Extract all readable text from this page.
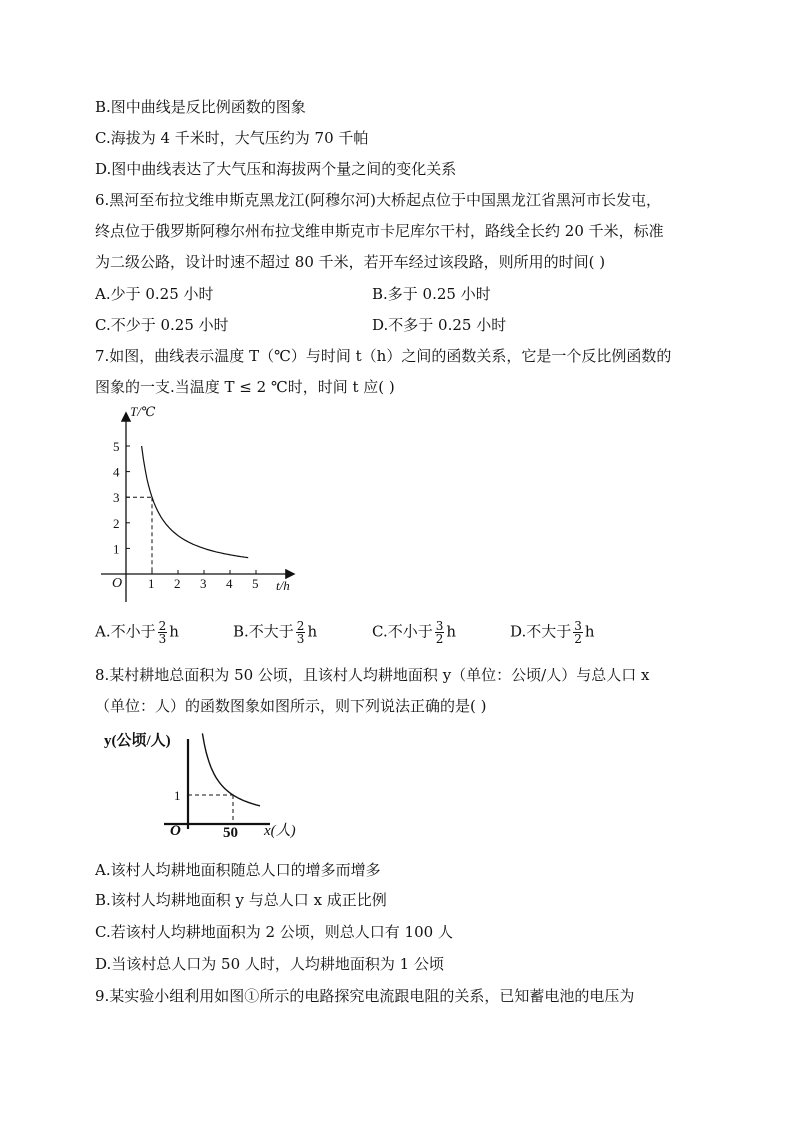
B.图中曲线是反比例函数的图象
C.海拔为 4 千米时，大气压约为 70 千帕
D.图中曲线表达了大气压和海拔两个量之间的变化关系
6.黑河至布拉戈维申斯克黑龙江(阿穆尔河)大桥起点位于中国黑龙江省黑河市长发屯，
终点位于俄罗斯阿穆尔州布拉戈维申斯克市卡尼库尔干村，路线全长约 20 千米，标准
为二级公路，设计时速不超过 80 千米，若开车经过该段路，则所用的时间( )
A.少于 0.25 小时	B.多于 0.25 小时
C.不少于 0.25 小时	D.不多于 0.25 小时
7.如图，曲线表示温度 T（℃）与时间 t（h）之间的函数关系，它是一个反比例函数的
图象的一支.当温度 T ≤ 2 ℃时，时间 t 应( )
1 2 3 4 5
1
2
3
4
5
O
T/℃
t/h
A.不小于 $\frac{2}{3}$ h	B.不大于 $\frac{2}{3}$ h	C.不小于 $\frac{3}{2}$ h	D.不大于 $\frac{3}{2}$ h
8.某村耕地总面积为 50 公顷，且该村人均耕地面积 y（单位：公顷/人）与总人口 x
（单位：人）的函数图象如图所示，则下列说法正确的是( )
y(公顷/人)
x(人)
O
1
50
A.该村人均耕地面积随总人口的增多而增多
B.该村人均耕地面积 y 与总人口 x 成正比例
C.若该村人均耕地面积为 2 公顷，则总人口有 100 人
D.当该村总人口为 50 人时，人均耕地面积为 1 公顷
9.某实验小组利用如图①所示的电路探究电流跟电阻的关系，已知蓄电池的电压为
